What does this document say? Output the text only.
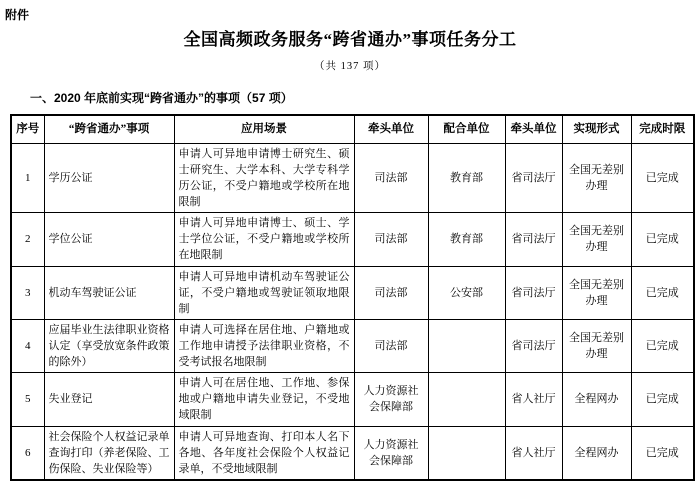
附件
全国高频政务服务“跨省通办”事项任务分工
（共 137 项）
一、2020 年底前实现“跨省通办”的事项（57 项）
序号	“跨省通办”事项	应用场景	牵头单位	配合单位	牵头单位	实现形式	完成时限
1	学历公证	申请人可异地申请博士研究生、硕士研究生、大学本科、大学专科学历公证，不受户籍地或学校所在地限制	司法部	教育部	省司法厅	全国无差别办理	已完成
2	学位公证	申请人可异地申请博士、硕士、学士学位公证，不受户籍地或学校所在地限制	司法部	教育部	省司法厅	全国无差别办理	已完成
3	机动车驾驶证公证	申请人可异地申请机动车驾驶证公证，不受户籍地或驾驶证领取地限制	司法部	公安部	省司法厅	全国无差别办理	已完成
4	应届毕业生法律职业资格认定（享受放宽条件政策的除外）	申请人可选择在居住地、户籍地或工作地申请授予法律职业资格，不受考试报名地限制	司法部		省司法厅	全国无差别办理	已完成
5	失业登记	申请人可在居住地、工作地、参保地或户籍地申请失业登记，不受地域限制	人力资源社会保障部		省人社厅	全程网办	已完成
6	社会保险个人权益记录单查询打印（养老保险、工伤保险、失业保险等）	申请人可异地查询、打印本人名下各地、各年度社会保险个人权益记录单，不受地域限制	人力资源社会保障部		省人社厅	全程网办	已完成
